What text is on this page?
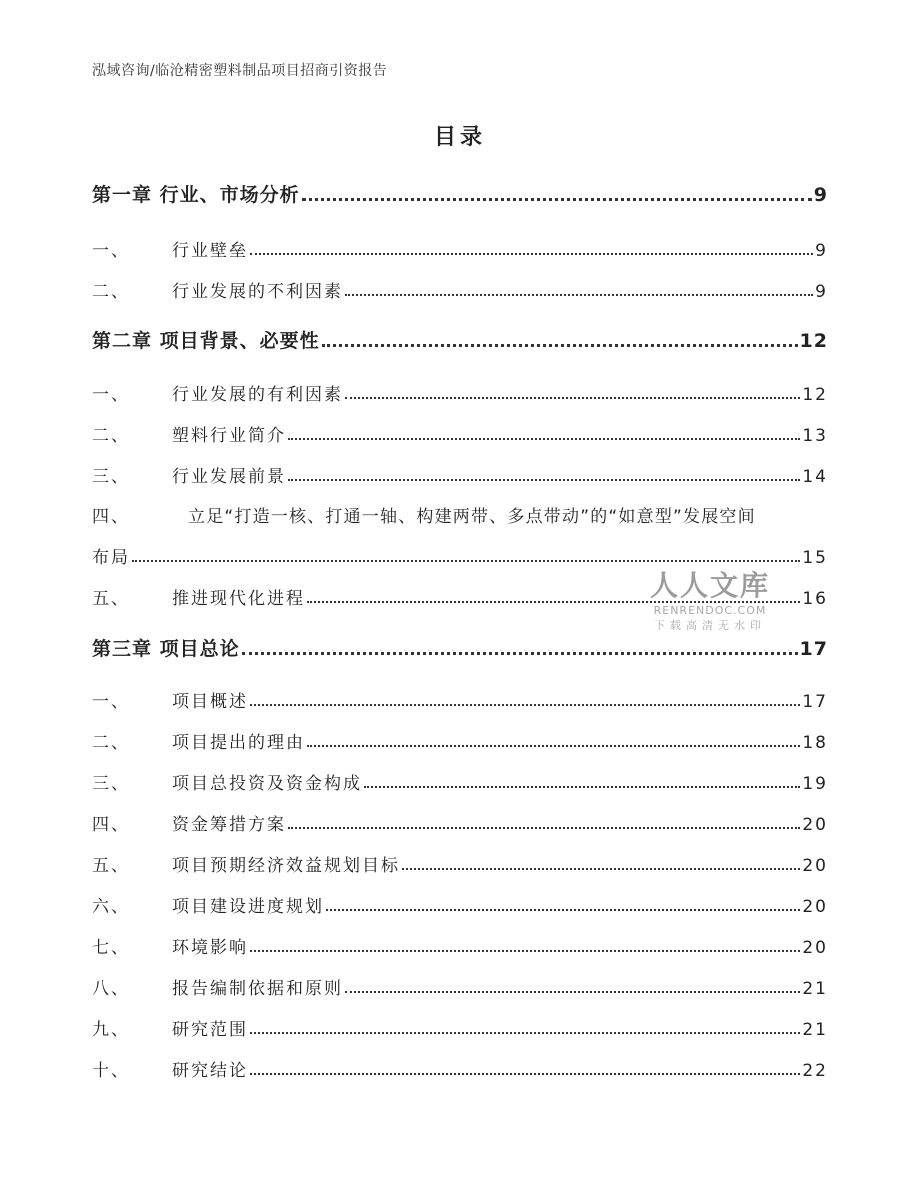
泓域咨询/临沧精密塑料制品项目招商引资报告
目录
第一章 行业、市场分析	9
一、 行业壁垒	9
二、 行业发展的不利因素	9
第二章 项目背景、必要性	12
一、 行业发展的有利因素	12
二、 塑料行业简介	13
三、 行业发展前景	14
四、	立足“打造一核、打通一轴、构建两带、多点带动”的“如意型”发展空间
布局	15
五、 推进现代化进程	16
第三章 项目总论	17
一、 项目概述	17
二、 项目提出的理由	18
三、 项目总投资及资金构成	19
四、 资金筹措方案	20
五、 项目预期经济效益规划目标	20
六、 项目建设进度规划	20
七、 环境影响	20
八、 报告编制依据和原则	21
九、 研究范围	21
十、 研究结论	22
人人文库
RENRENDOC.COM
下载高清无水印
